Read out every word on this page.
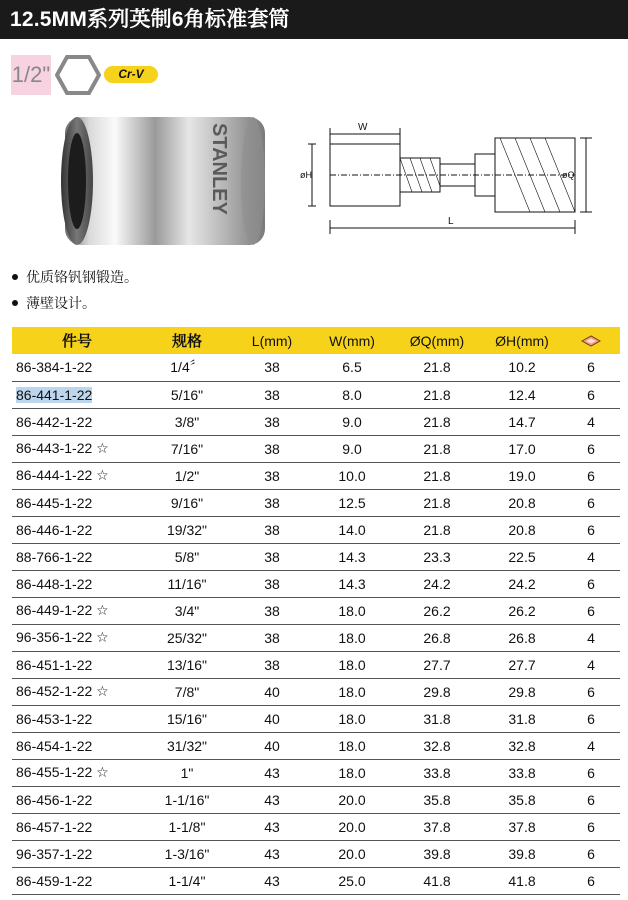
12.5MM系列英制6角标准套筒
1/2"	Cr-V
STANLEY	W
øH	øQ
L
优质铬钒钢锻造。
薄壁设计。
件号	规格	L(mm)	W(mm)	ØQ(mm)	ØH(mm)	
86-384-1-22	1/4〞	38	6.5	21.8	10.2	6
86-441-1-22	5/16"	38	8.0	21.8	12.4	6
86-442-1-22	3/8"	38	9.0	21.8	14.7	4
86-443-1-22 ☆	7/16"	38	9.0	21.8	17.0	6
86-444-1-22 ☆	1/2"	38	10.0	21.8	19.0	6
86-445-1-22	9/16"	38	12.5	21.8	20.8	6
86-446-1-22	19/32"	38	14.0	21.8	20.8	6
88-766-1-22	5/8"	38	14.3	23.3	22.5	4
86-448-1-22	11/16"	38	14.3	24.2	24.2	6
86-449-1-22 ☆	3/4"	38	18.0	26.2	26.2	6
96-356-1-22 ☆	25/32"	38	18.0	26.8	26.8	4
86-451-1-22	13/16"	38	18.0	27.7	27.7	4
86-452-1-22 ☆	7/8"	40	18.0	29.8	29.8	6
86-453-1-22	15/16"	40	18.0	31.8	31.8	6
86-454-1-22	31/32"	40	18.0	32.8	32.8	4
86-455-1-22 ☆	1"	43	18.0	33.8	33.8	6
86-456-1-22	1-1/16"	43	20.0	35.8	35.8	6
86-457-1-22	1-1/8"	43	20.0	37.8	37.8	6
96-357-1-22	1-3/16"	43	20.0	39.8	39.8	6
86-459-1-22	1-1/4"	43	25.0	41.8	41.8	6
